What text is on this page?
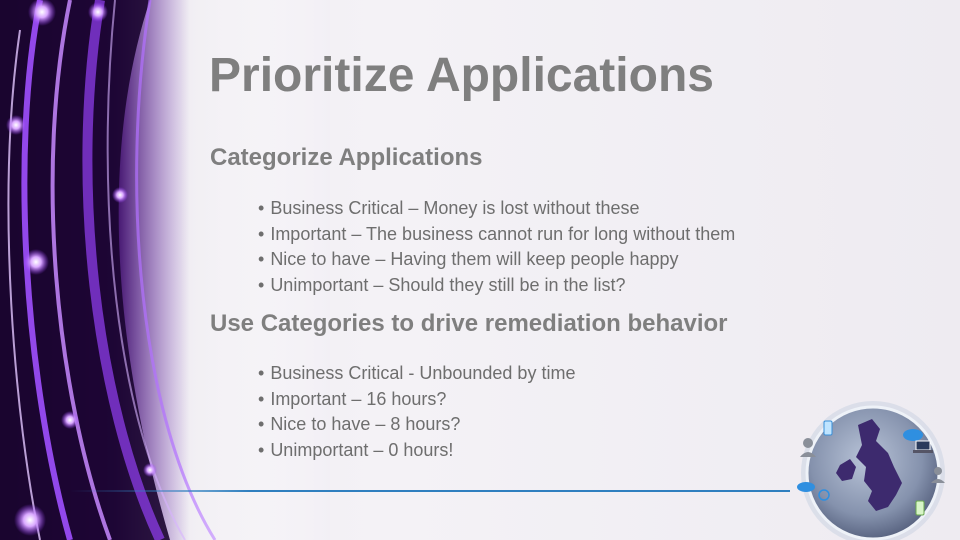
Prioritize Applications
Categorize Applications
• Business Critical – Money is lost without these
• Important – The business cannot run for long without them
• Nice to have – Having them will keep people happy
• Unimportant – Should they still be in the list?
Use Categories to drive remediation behavior
• Business Critical - Unbounded by time
• Important – 16 hours?
• Nice to have – 8 hours?
• Unimportant – 0 hours!
